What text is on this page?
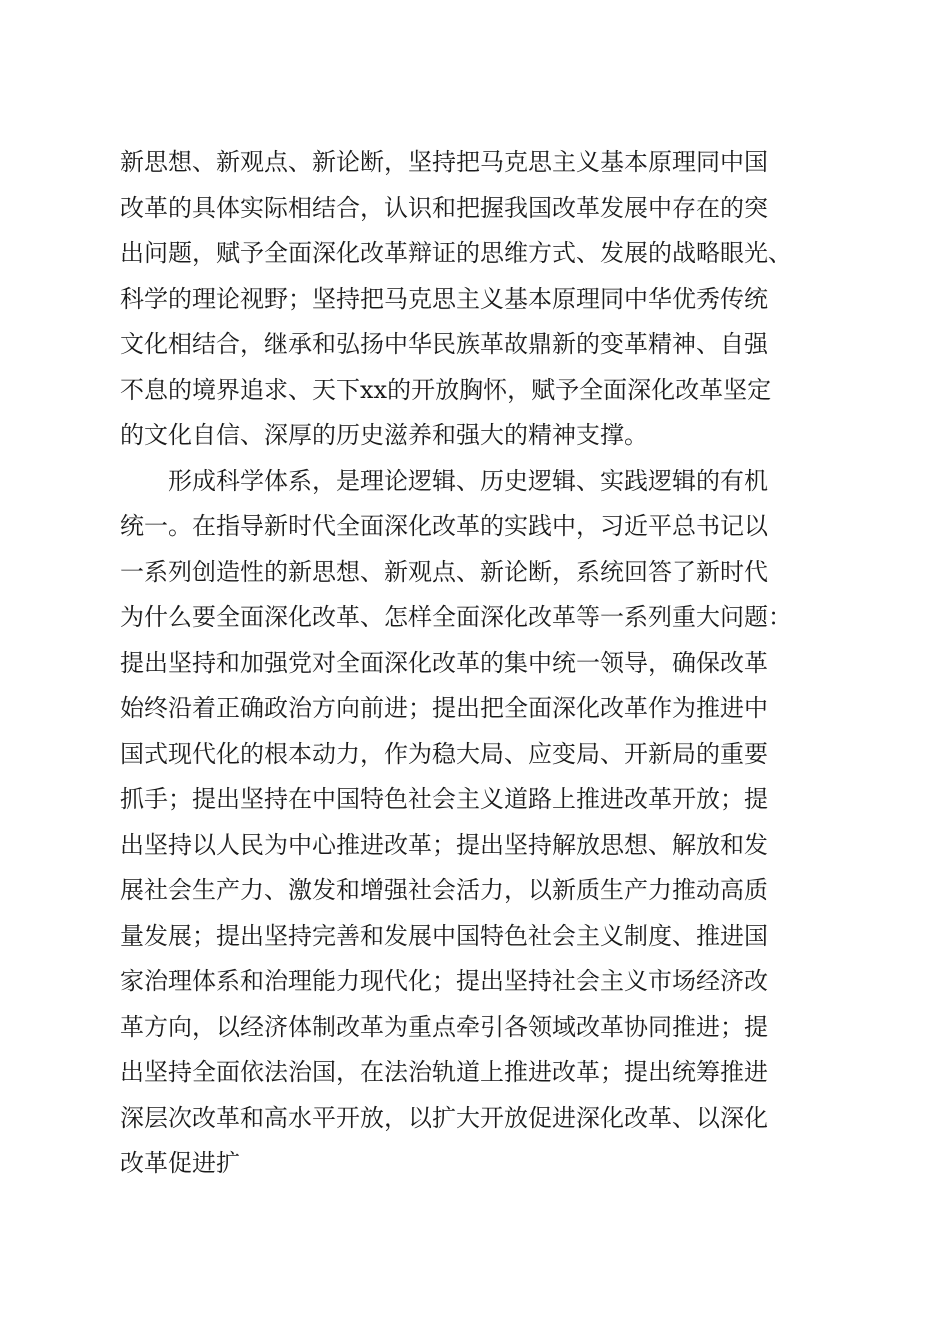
新思想、新观点、新论断，坚持把马克思主义基本原理同中国
改革的具体实际相结合，认识和把握我国改革发展中存在的突
出问题，赋予全面深化改革辩证的思维方式、发展的战略眼光、
科学的理论视野；坚持把马克思主义基本原理同中华优秀传统
文化相结合，继承和弘扬中华民族革故鼎新的变革精神、自强
不息的境界追求、天下xx的开放胸怀，赋予全面深化改革坚定
的文化自信、深厚的历史滋养和强大的精神支撑。
　　形成科学体系，是理论逻辑、历史逻辑、实践逻辑的有机
统一。在指导新时代全面深化改革的实践中，习近平总书记以
一系列创造性的新思想、新观点、新论断，系统回答了新时代
为什么要全面深化改革、怎样全面深化改革等一系列重大问题：
提出坚持和加强党对全面深化改革的集中统一领导，确保改革
始终沿着正确政治方向前进；提出把全面深化改革作为推进中
国式现代化的根本动力，作为稳大局、应变局、开新局的重要
抓手；提出坚持在中国特色社会主义道路上推进改革开放；提
出坚持以人民为中心推进改革；提出坚持解放思想、解放和发
展社会生产力、激发和增强社会活力，以新质生产力推动高质
量发展；提出坚持完善和发展中国特色社会主义制度、推进国
家治理体系和治理能力现代化；提出坚持社会主义市场经济改
革方向，以经济体制改革为重点牵引各领域改革协同推进；提
出坚持全面依法治国，在法治轨道上推进改革；提出统筹推进
深层次改革和高水平开放，以扩大开放促进深化改革、以深化
改革促进扩
